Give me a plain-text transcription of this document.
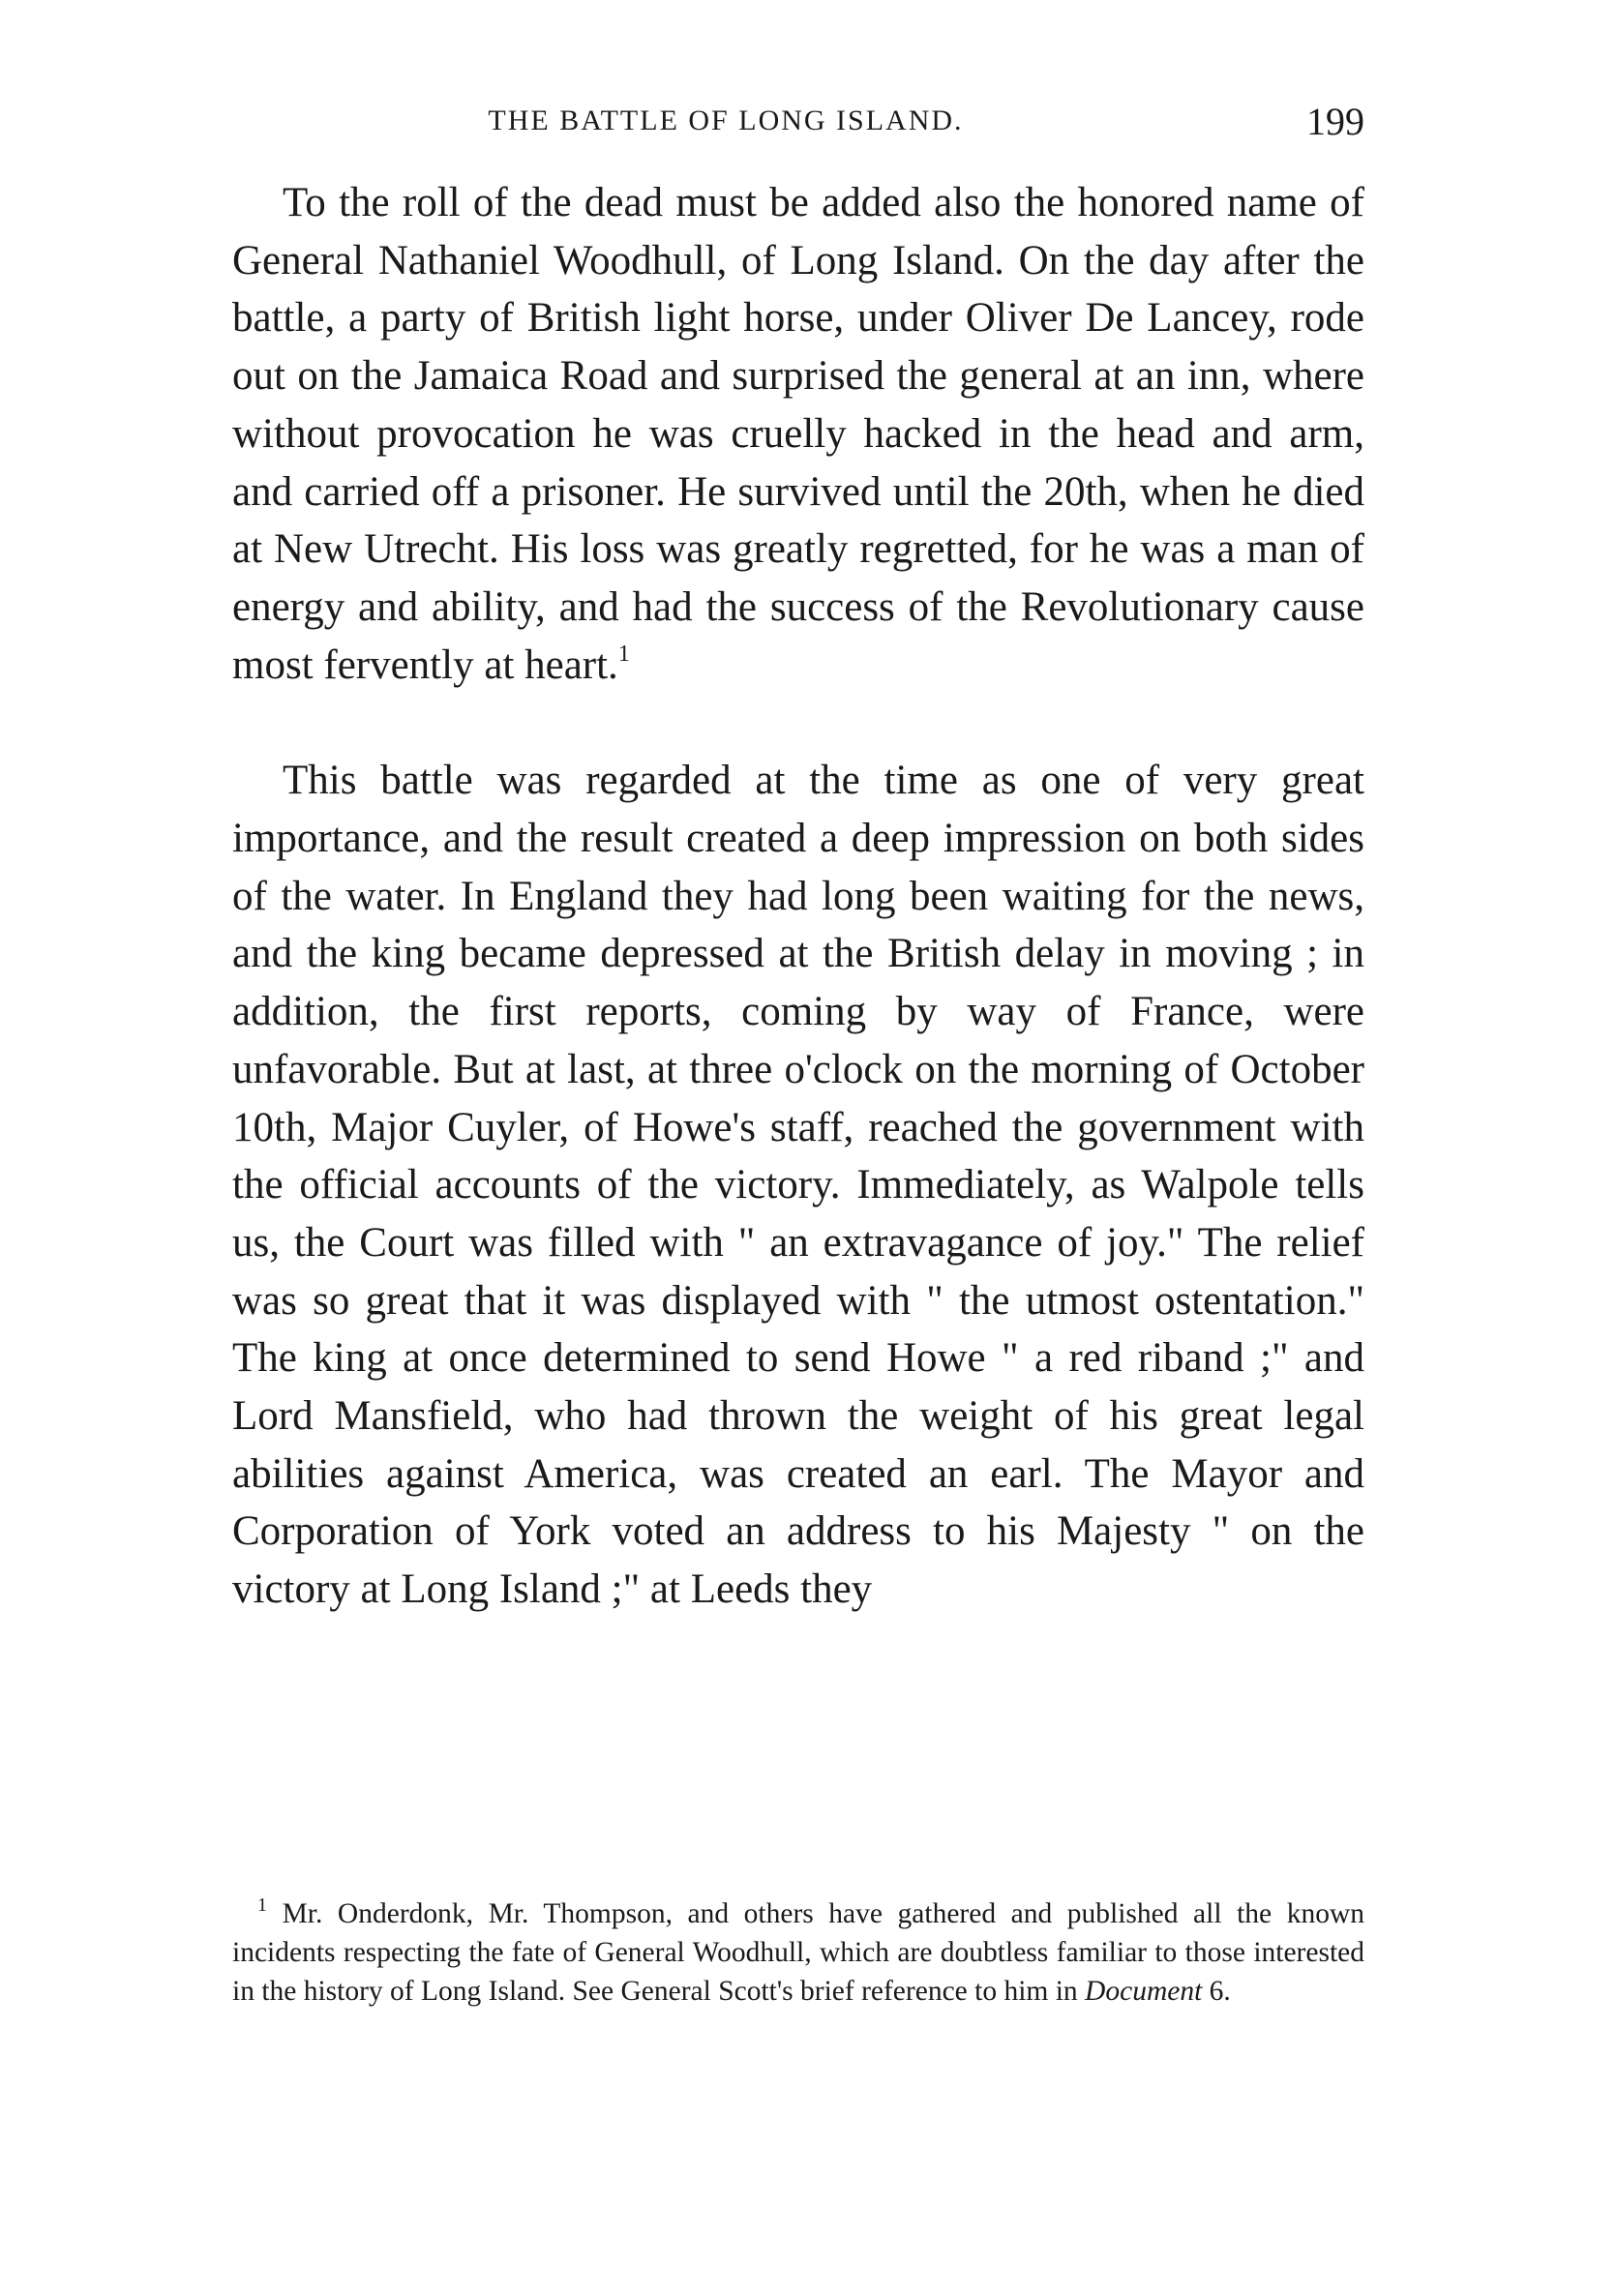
THE BATTLE OF LONG ISLAND.	199

To the roll of the dead must be added also the honored name of General Nathaniel Woodhull, of Long Island. On the day after the battle, a party of British light horse, under Oliver De Lancey, rode out on the Jamaica Road and surprised the general at an inn, where without provocation he was cruelly hacked in the head and arm, and carried off a prisoner. He survived until the 20th, when he died at New Utrecht. His loss was greatly regretted, for he was a man of energy and ability, and had the success of the Revolutionary cause most fervently at heart.$^1$

This battle was regarded at the time as one of very great importance, and the result created a deep impression on both sides of the water. In England they had long been waiting for the news, and the king became depressed at the British delay in moving ; in addition, the first reports, coming by way of France, were unfavorable. But at last, at three o'clock on the morning of October 10th, Major Cuyler, of Howe's staff, reached the government with the official accounts of the victory. Immediately, as Walpole tells us, the Court was filled with " an extravagance of joy." The relief was so great that it was displayed with " the utmost ostentation." The king at once determined to send Howe " a red riband ;" and Lord Mansfield, who had thrown the weight of his great legal abilities against America, was created an earl. The Mayor and Corporation of York voted an address to his Majesty " on the victory at Long Island ;" at Leeds they

$^1$ Mr. Onderdonk, Mr. Thompson, and others have gathered and published all the known incidents respecting the fate of General Woodhull, which are doubtless familiar to those interested in the history of Long Island. See General Scott's brief reference to him in Document 6.
